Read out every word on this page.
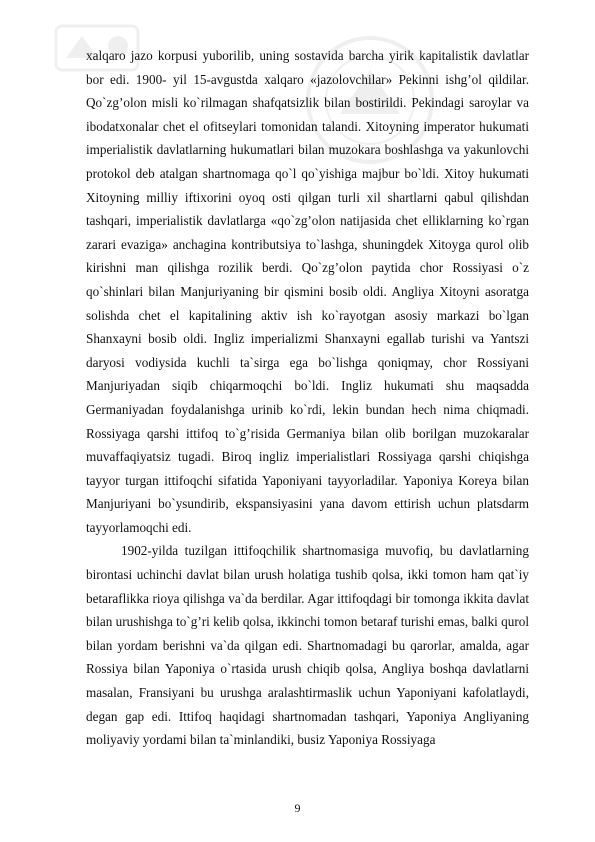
xalqaro jazo korpusi yuborilib, uning sostavida barcha yirik kapitalistik davlatlar bor edi. 1900- yil 15-avgustda xalqaro «jazolovchilar» Pekinni ishg’ol qildilar. Qo`zg’olon misli ko`rilmagan shafqatsizlik bilan bostirildi. Pekindagi saroylar va ibodatxonalar chet el ofitseylari tomonidan talandi. Xitoyning imperator hukumati imperialistik davlatlarning hukumatlari bilan muzokara boshlashga va yakunlovchi protokol deb atalgan shartnomaga qo`l qo`yishiga majbur bo`ldi. Xitoy hukumati Xitoyning milliy iftixorini oyoq osti qilgan turli xil shartlarni qabul qilishdan tashqari, imperialistik davlatlarga «qo`zg’olon natijasida chet elliklarning ko`rgan zarari evaziga» anchagina kontributsiya to`lashga, shuningdek Xitoyga qurol olib kirishni man qilishga rozilik berdi. Qo`zg’olon paytida chor Rossiyasi o`z qo`shinlari bilan Manjuriyaning bir qismini bosib oldi. Angliya Xitoyni asoratga solishda chet el kapitalining aktiv ish ko`rayotgan asosiy markazi bo`lgan Shanxayni bosib oldi. Ingliz imperializmi Shanxayni egallab turishi va Yantszi daryosi vodiysida kuchli ta`sirga ega bo`lishga qoniqmay, chor Rossiyani Manjuriyadan siqib chiqarmoqchi bo`ldi. Ingliz hukumati shu maqsadda Germaniyadan foydalanishga urinib ko`rdi, lekin bundan hech nima chiqmadi. Rossiyaga qarshi ittifoq to`g’risida Germaniya bilan olib borilgan muzokaralar muvaffaqiyatsiz tugadi. Biroq ingliz imperialistlari Rossiyaga qarshi chiqishga tayyor turgan ittifoqchi sifatida Yaponiyani tayyorladilar. Yaponiya Koreya bilan Manjuriyani bo`ysundirib, ekspansiyasini yana davom ettirish uchun platsdarm tayyorlamoqchi edi.

1902-yilda tuzilgan ittifoqchilik shartnomasiga muvofiq, bu davlatlarning birontasi uchinchi davlat bilan urush holatiga tushib qolsa, ikki tomon ham qat`iy betaraflikka rioya qilishga va`da berdilar. Agar ittifoqdagi bir tomonga ikkita davlat bilan urushishga to`g’ri kelib qolsa, ikkinchi tomon betaraf turishi emas, balki qurol bilan yordam berishni va`da qilgan edi. Shartnomadagi bu qarorlar, amalda, agar Rossiya bilan Yaponiya o`rtasida urush chiqib qolsa, Angliya boshqa davlatlarni masalan, Fransiyani bu urushga aralashtirmaslik uchun Yaponiyani kafolatlaydi, degan gap edi. Ittifoq haqidagi shartnomadan tashqari, Yaponiya Angliyaning moliyaviy yordami bilan ta`minlandiki, busiz Yaponiya Rossiyaga

9
